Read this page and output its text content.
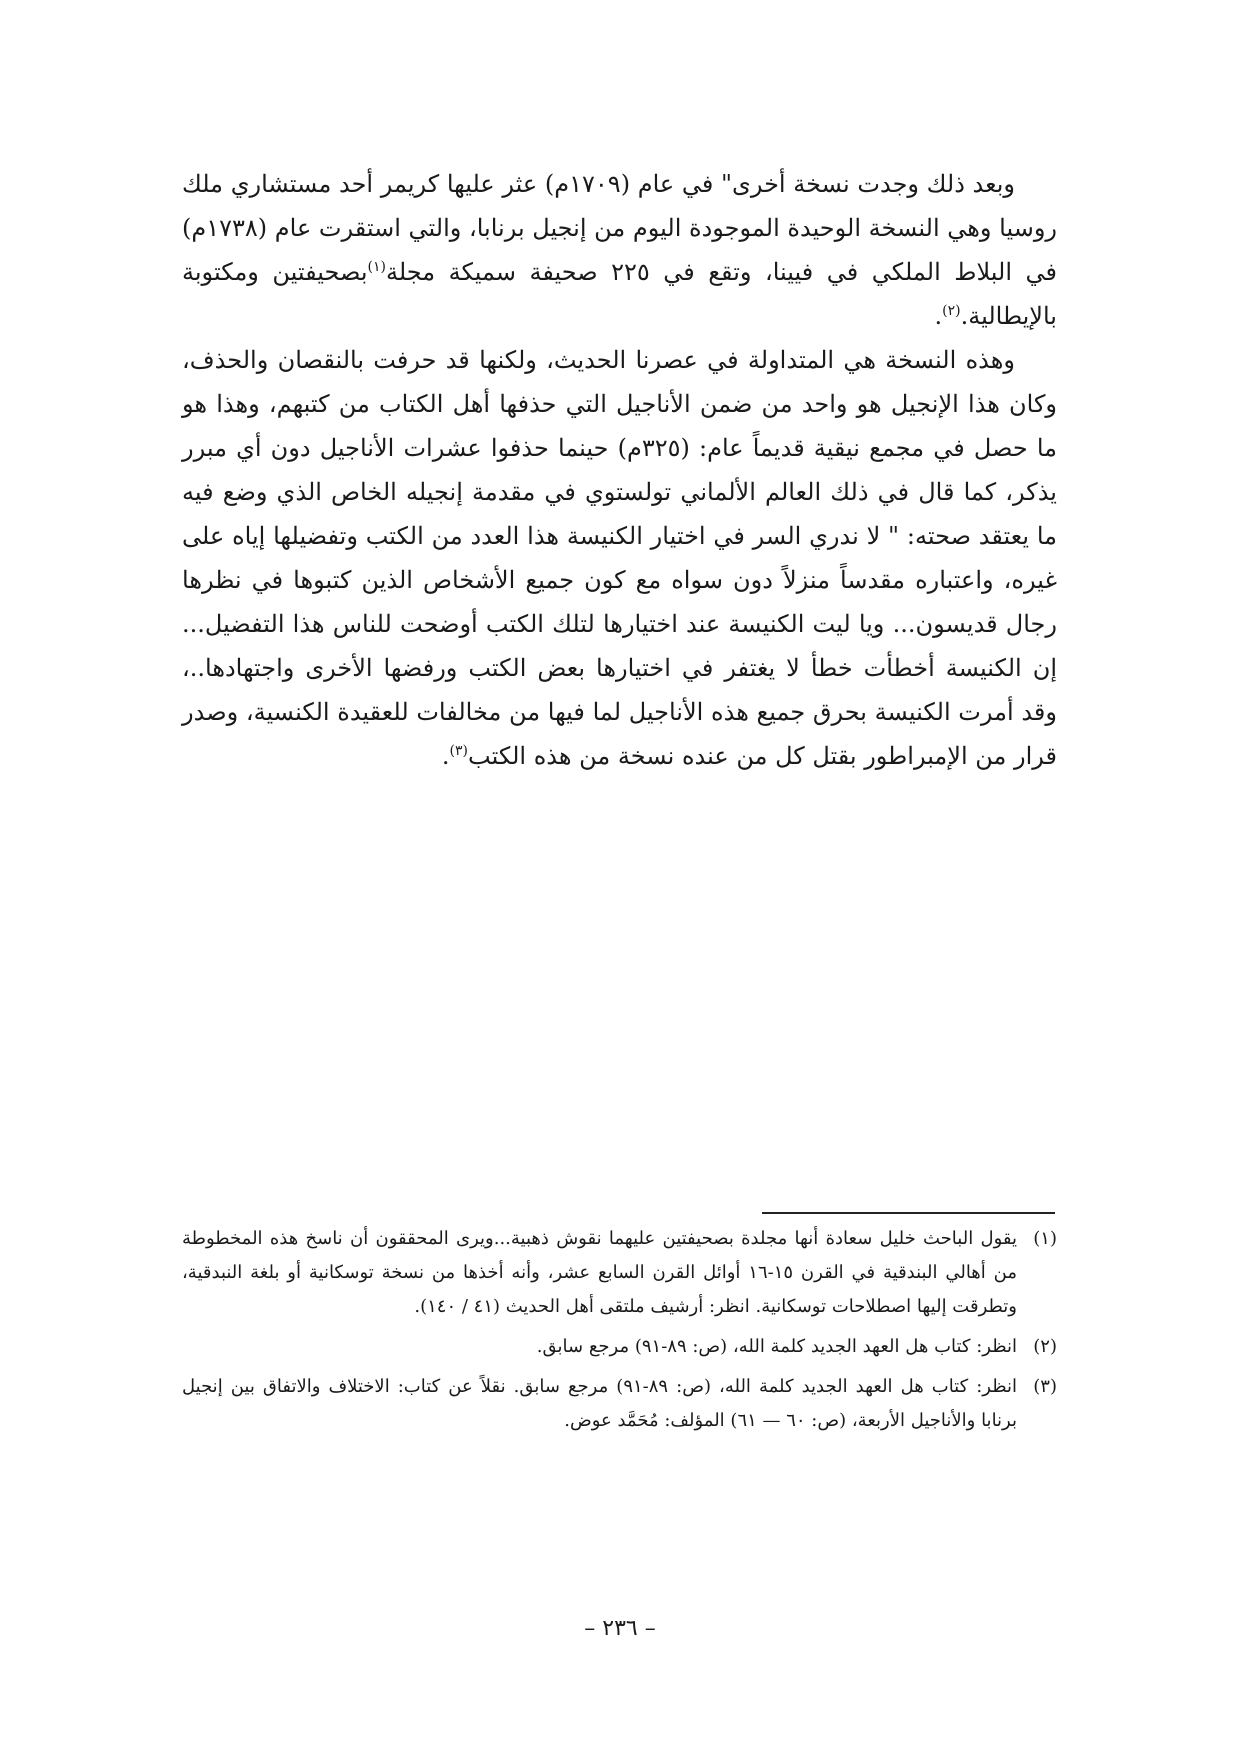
وبعد ذلك وجدت نسخة أخرى" في عام (١٧٠٩م) عثر عليها كريمر أحد مستشاري ملك روسيا وهي النسخة الوحيدة الموجودة اليوم من إنجيل برنابا، والتي استقرت عام (١٧٣٨م) في البلاط الملكي في فيينا، وتقع في ٢٢٥ صحيفة سميكة مجلة$^{(١)}$بصحيفتين ومكتوبة بالإيطالية.$^{(٢)}$.

وهذه النسخة هي المتداولة في عصرنا الحديث، ولكنها قد حرفت بالنقصان والحذف، وكان هذا الإنجيل هو واحد من ضمن الأناجيل التي حذفها أهل الكتاب من كتبهم، وهذا هو ما حصل في مجمع نيقية قديماً عام: (٣٢٥م) حينما حذفوا عشرات الأناجيل دون أي مبرر يذكر، كما قال في ذلك العالم الألماني تولستوي في مقدمة إنجيله الخاص الذي وضع فيه ما يعتقد صحته: " لا ندري السر في اختيار الكنيسة هذا العدد من الكتب وتفضيلها إياه على غيره، واعتباره مقدساً منزلاً دون سواه مع كون جميع الأشخاص الذين كتبوها في نظرها رجال قديسون... ويا ليت الكنيسة عند اختيارها لتلك الكتب أوضحت للناس هذا التفضيل... إن الكنيسة أخطأت خطأ لا يغتفر في اختيارها بعض الكتب ورفضها الأخرى واجتهادها..، وقد أمرت الكنيسة بحرق جميع هذه الأناجيل لما فيها من مخالفات للعقيدة الكنسية، وصدر قرار من الإمبراطور بقتل كل من عنده نسخة من هذه الكتب$^{(٣)}$.

(١)
يقول الباحث خليل سعادة أنها مجلدة بصحيفتين عليهما نقوش ذهبية...ويرى المحققون أن ناسخ هذه المخطوطة من أهالي البندقية في القرن ١٥-١٦ أوائل القرن السابع عشر، وأنه أخذها من نسخة توسكانية أو بلغة النبدقية، وتطرقت إليها اصطلاحات توسكانية. انظر: أرشيف ملتقى أهل الحديث (٤١ / ١٤٠).
(٢)
انظر: كتاب هل العهد الجديد كلمة الله، (ص: ٨٩-٩١) مرجع سابق.
(٣)
انظر: كتاب هل العهد الجديد كلمة الله، (ص: ٨٩-٩١) مرجع سابق. نقلاً عن كتاب: الاختلاف والاتفاق بين إنجيل برنابا والأناجيل الأربعة، (ص: ٦٠ — ٦١) المؤلف: مُحَمَّد عوض.
– ٢٣٦ –
